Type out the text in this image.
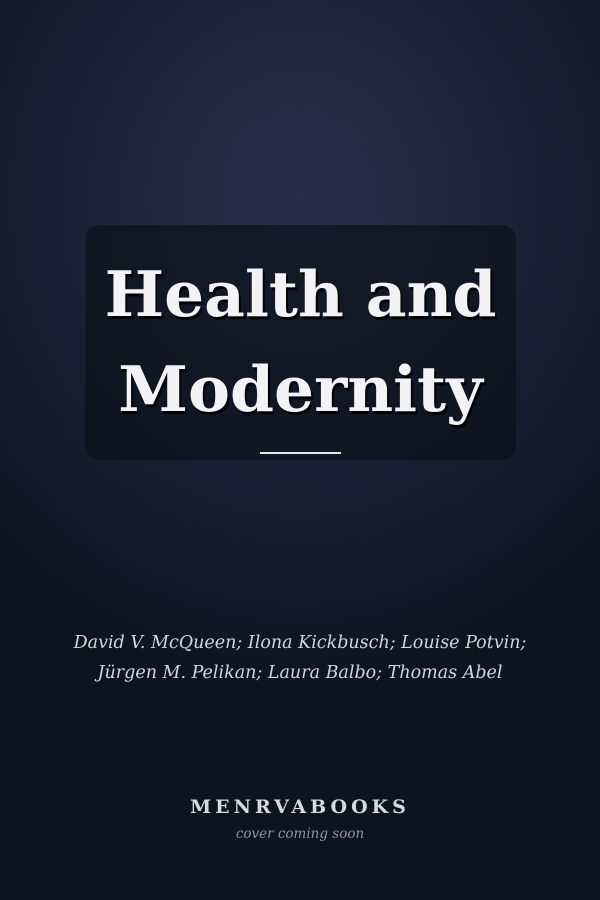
Health and
Modernity
David V. McQueen; Ilona Kickbusch; Louise Potvin;
Jürgen M. Pelikan; Laura Balbo; Thomas Abel
MENRVABOOKS
cover coming soon
